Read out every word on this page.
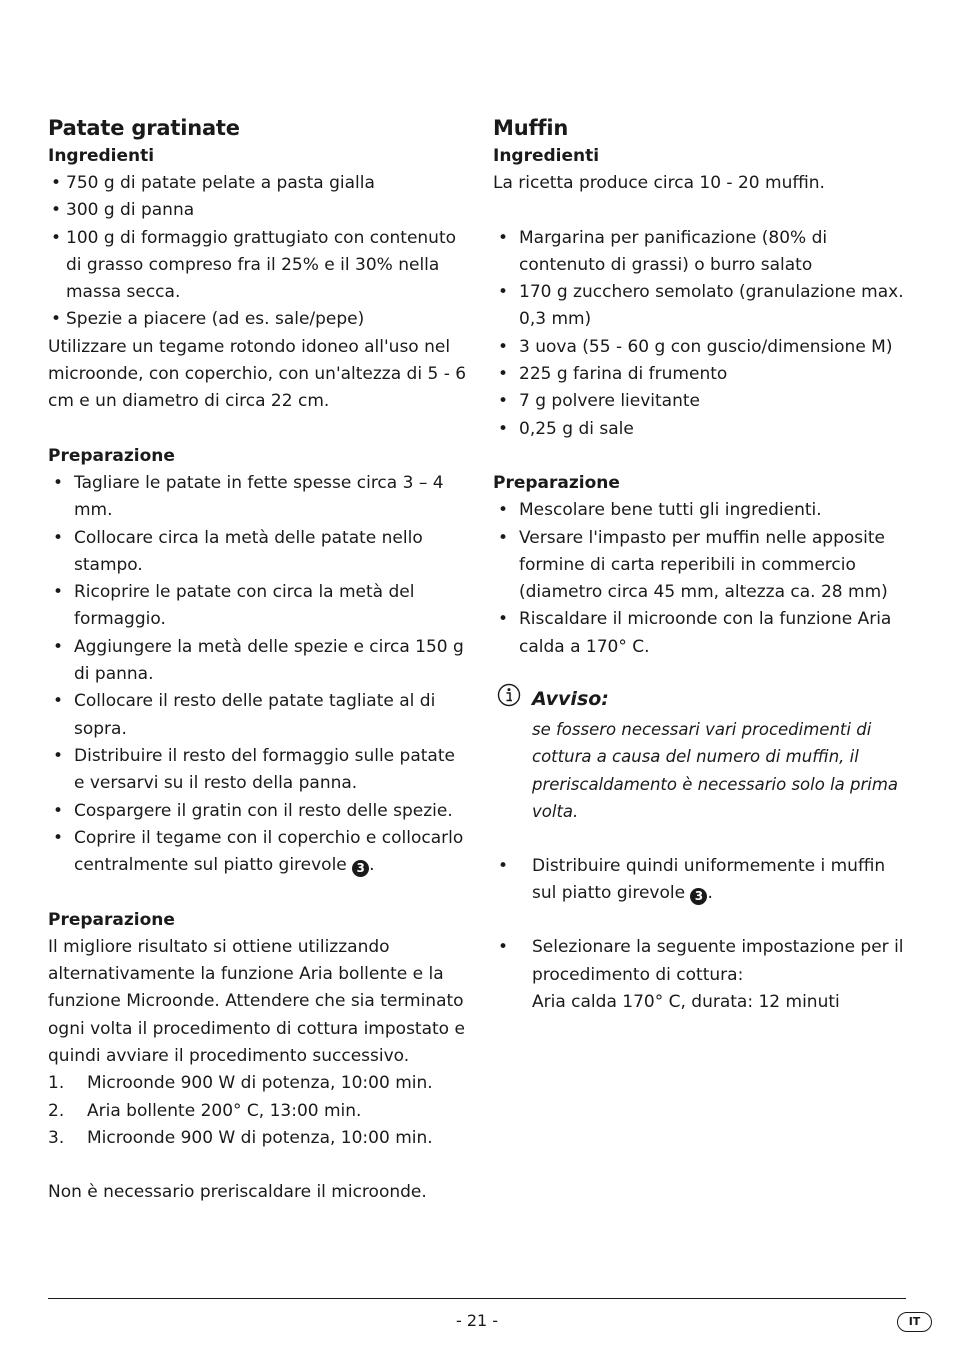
Patate gratinate
Ingredienti
• 750 g di patate pelate a pasta gialla
• 300 g di panna
• 100 g di formaggio grattugiato con contenuto di grasso compreso fra il 25% e il 30% nella massa secca.
• Spezie a piacere (ad es. sale/pepe)

Utilizzare un tegame rotondo idoneo all'uso nel microonde, con coperchio, con un'altezza di 5 - 6 cm e un diametro di circa 22 cm.

Preparazione
• Tagliare le patate in fette spesse circa 3 – 4 mm.
• Collocare circa la metà delle patate nello stampo.
• Ricoprire le patate con circa la metà del formaggio.
• Aggiungere la metà delle spezie e circa 150 g di panna.
• Collocare il resto delle patate tagliate al di sopra.
• Distribuire il resto del formaggio sulle patate e versarvi su il resto della panna.
• Cospargere il gratin con il resto delle spezie.
• Coprire il tegame con il coperchio e collocarlo centralmente sul piatto girevole 3 .
Preparazione

Il migliore risultato si ottiene utilizzando alternativamente la funzione Aria bollente e la funzione Microonde. Attendere che sia terminato ogni volta il procedimento di cottura impostato e quindi avviare il procedimento successivo.

1. Microonde 900 W di potenza, 10:00 min.
2. Aria bollente 200° C, 13:00 min.
3. Microonde 900 W di potenza, 10:00 min.

Non è necessario preriscaldare il microonde.

Muffin
Ingredienti

La ricetta produce circa 10 - 20 muffin.

• Margarina per panificazione (80% di contenuto di grassi) o burro salato
• 170 g zucchero semolato (granulazione max. 0,3 mm)
• 3 uova (55 - 60 g con guscio/dimensione M)
• 225 g farina di frumento
• 7 g polvere lievitante
• 0,25 g di sale
Preparazione
• Mescolare bene tutti gli ingredienti.
• Versare l'impasto per muffin nelle apposite formine di carta reperibili in commercio (diametro circa 45 mm, altezza ca. 28 mm)
• Riscaldare il microonde con la funzione Aria calda a 170° C.
Avviso:

se fossero necessari vari procedimenti di cottura a causa del numero di muffin, il preriscaldamento è necessario solo la prima volta.

• Distribuire quindi uniformemente i muffin sul piatto girevole 3 .
• Selezionare la seguente impostazione per il procedimento di cottura:
Aria calda 170° C, durata: 12 minuti
- 21 -	IT
